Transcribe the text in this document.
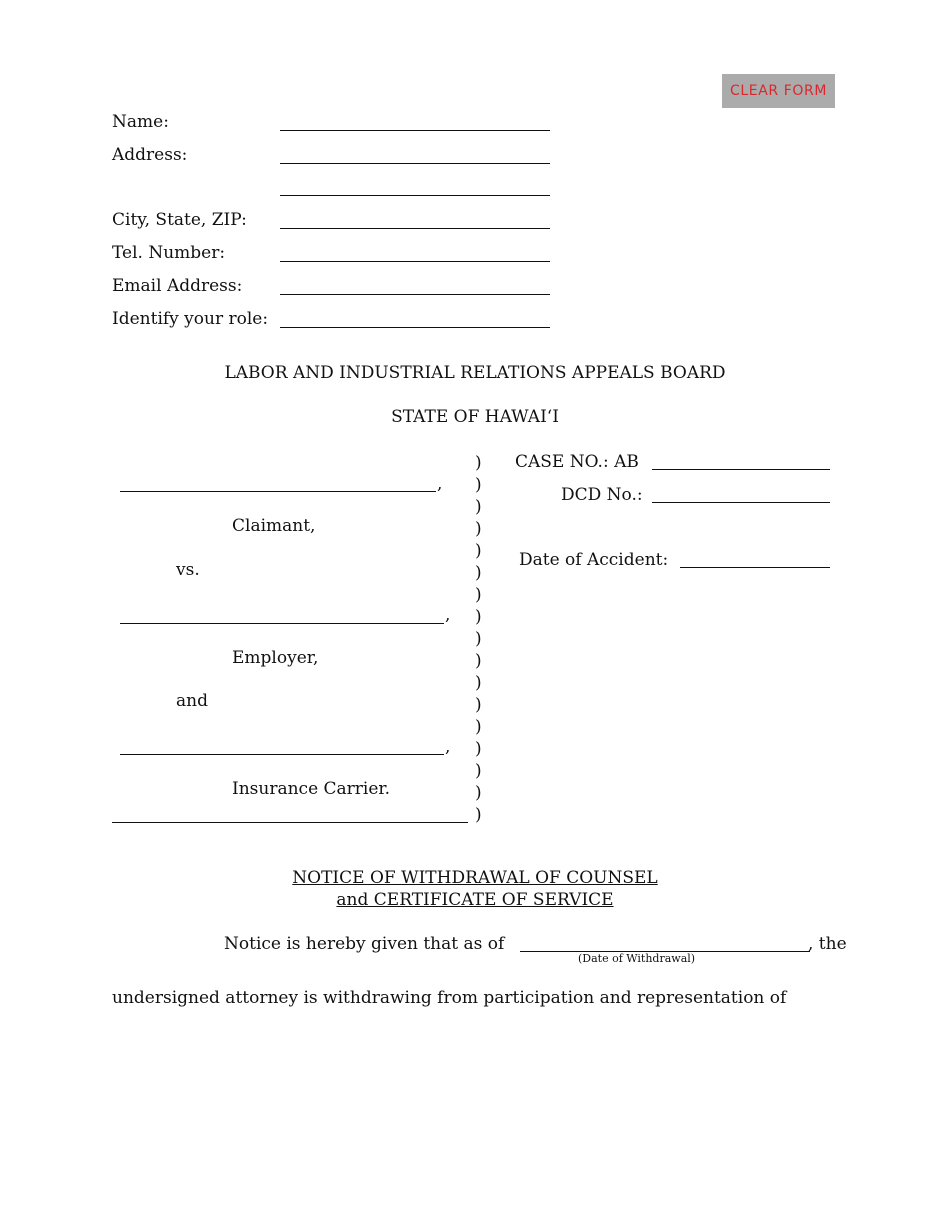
CLEAR FORM
Name:
Address:
City, State, ZIP:
Tel. Number:
Email Address:
Identify your role:
LABOR AND INDUSTRIAL RELATIONS APPEALS BOARD
STATE OF HAWAIʻI
,
Claimant,
vs.
,
Employer,
and
,
Insurance Carrier.
)
)
)
)
)
)
)
)
)
)
)
)
)
)
)
)
)
CASE NO.: AB
DCD No.:
Date of Accident:
NOTICE OF WITHDRAWAL OF COUNSEL
and CERTIFICATE OF SERVICE
Notice is hereby given that as of
(Date of Withdrawal)
, the
undersigned attorney is withdrawing from participation and representation of
